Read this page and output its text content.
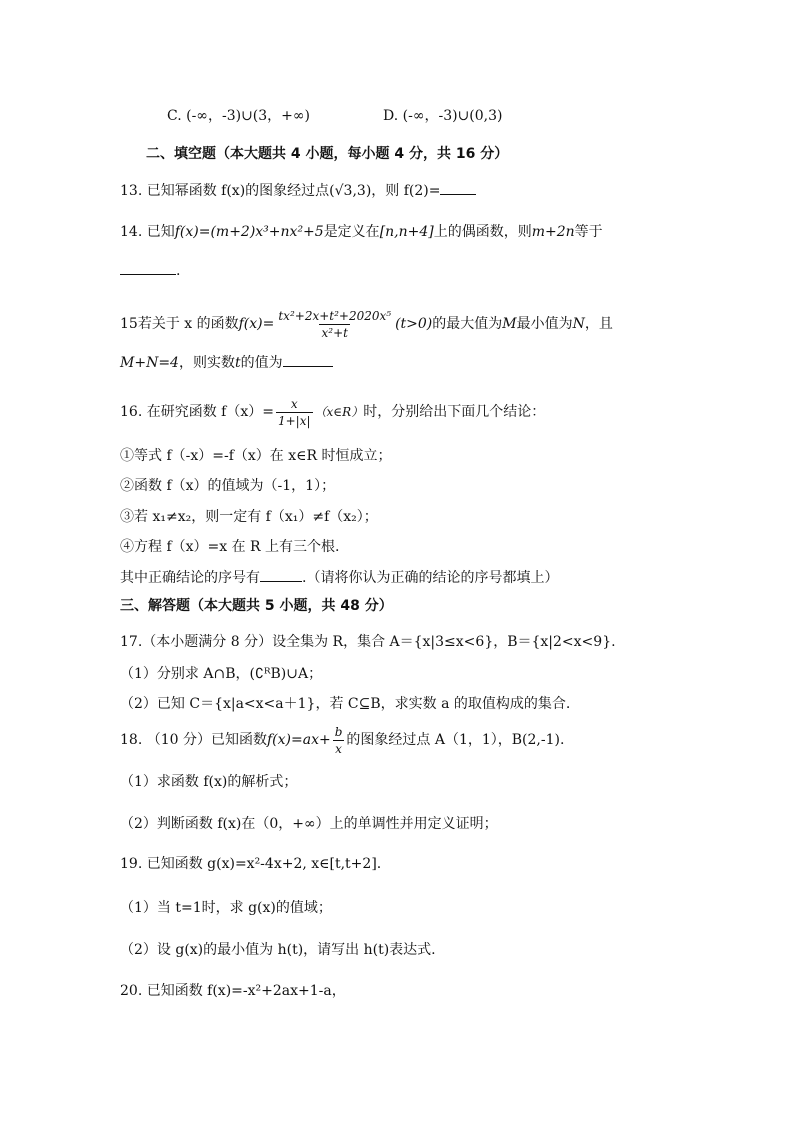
C. (-∞，-3)∪(3，+∞)	D. (-∞，-3)∪(0,3)
二、填空题（本大题共 4 小题，每小题 4 分，共 16 分）
13. 已知幂函数 f(x)的图象经过点(√3,3)，则 f(2)=
14. 已知f(x)=(m+2)x³+nx²+5是定义在[n,n+4]上的偶函数，则m+2n等于
.
15若关于 x 的函数 $f(x)= \frac{\text{tx²+2x+t²+2020x⁵}}{\text{x²+t}} (t>0)$ 的最大值为 M 最小值为 N ，且
M+N=4，则实数t的值为
16. 在研究函数 $f(x)= \frac{x}{1+|x|}$ （x∈R） 时，分别给出下面几个结论：
①等式 f（-x）=-f（x）在 x∈R 时恒成立；
②函数 f（x）的值域为（-1，1）；
③若 x₁≠x₂，则一定有 f（x₁）≠f（x₂）；
④方程 f（x）=x 在 R 上有三个根.
其中正确结论的序号有	.（请将你认为正确的结论的序号都填上）
三、解答题（本大题共 5 小题，共 48 分）
17.（本小题满分 8 分）设全集为 R，集合 A＝{x|3≤x<6}，B＝{x|2<x<9}.
（1）分别求 A∩B，(∁ᴿB)∪A；
（2）已知 C＝{x|a<x<a＋1}，若 C⊆B，求实数 a 的取值构成的集合.
18. （10 分）已知函数 $f(x)=ax+ \frac{b}{x}$ 的图象经过点 A（1，1），B(2,-1).
（1）求函数 f(x)的解析式；
（2）判断函数 f(x)在（0，+∞）上的单调性并用定义证明；
19. 已知函数 g(x)=x²-4x+2, x∈[t,t+2].
（1）当 t=1时，求 g(x)的值域；
（2）设 g(x)的最小值为 h(t)，请写出 h(t)表达式.
20. 已知函数 f(x)=-x²+2ax+1-a，
